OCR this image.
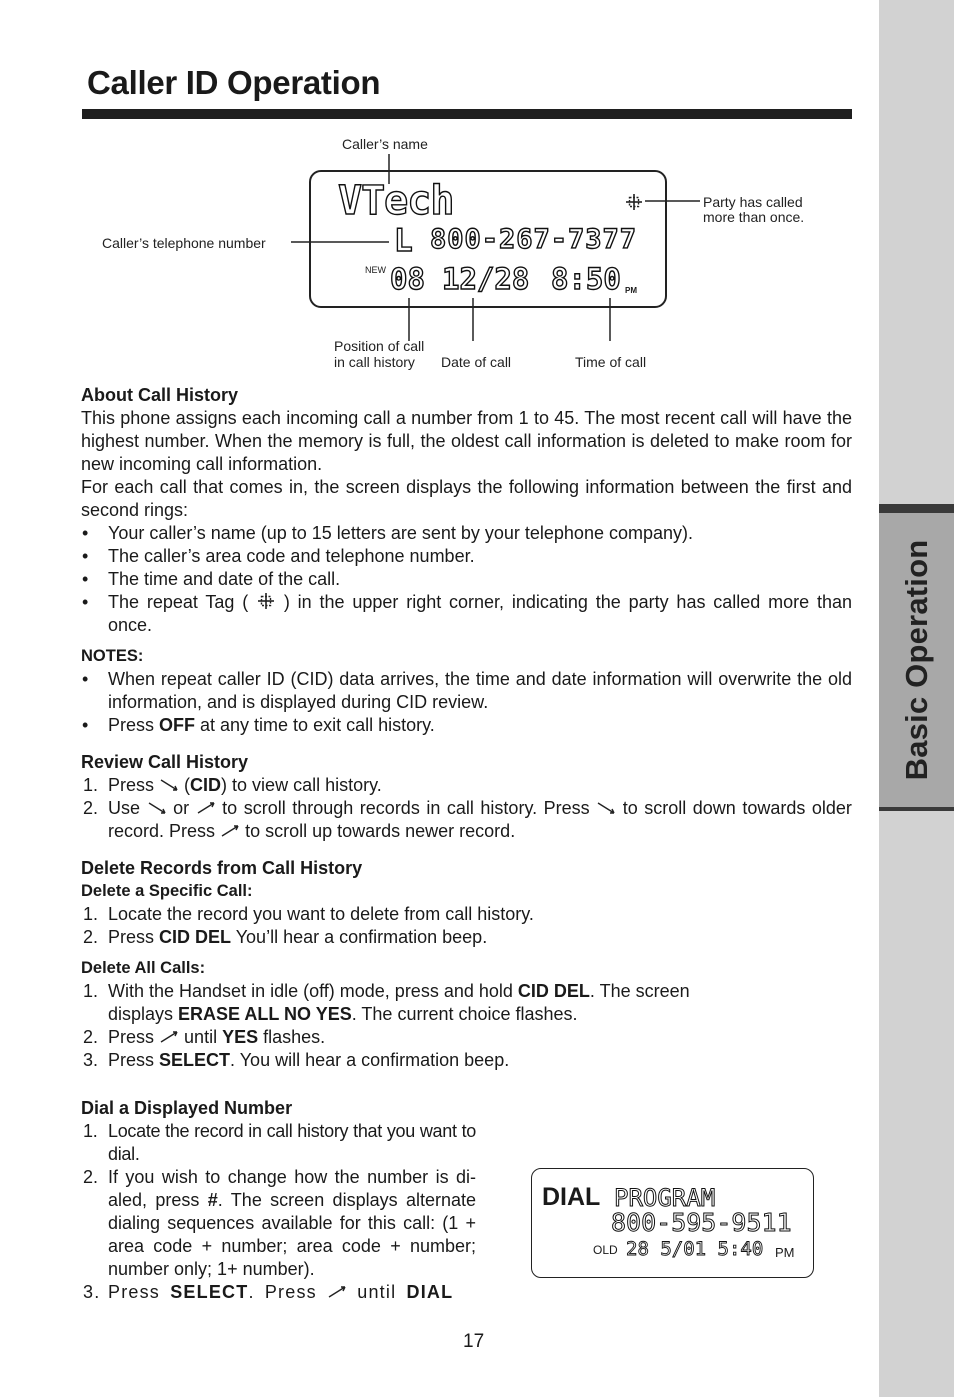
Basic Operation
Caller ID Operation
Caller’s name
Caller’s telephone number
Party has called
more than once.
Position of call
in call history Date of call	Time of call
VTech
L 800-267-7377
NEW 08 12/28 8:50 PM
About Call History

This phone assigns each incoming call a number from 1 to 45. The most recent call will have the highest number. When the memory is full, the oldest call information is deleted to make room for new incoming call information.

For each call that comes in, the screen displays the following information between the first and second rings:

• Your caller’s name (up to 15 letters are sent by your telephone company).
• The caller’s area code and telephone number.
• The time and date of the call.
• The repeat Tag ( ) in the upper right corner, indicating the party has called more than once.
NOTES:
• When repeat caller ID (CID) data arrives, the time and date information will overwrite the old information, and is displayed during CID review.
• Press OFF at any time to exit call history.
Review Call History
1. Press (CID) to view call history.
2. Use or to scroll through records in call history. Press to scroll down towards older record. Press to scroll up towards newer record.
Delete Records from Call History
Delete a Specific Call:
1. Locate the record you want to delete from call history.
2. Press CID DEL You’ll hear a confirmation beep.
Delete All Calls:
1. With the Handset in idle (off) mode, press and hold CID DEL. The screen displays ERASE ALL NO YES. The current choice flashes.
2. Press until YES flashes.
3. Press SELECT. You will hear a confirmation beep.
Dial a Displayed Number
1. Locate the record in call history that you want to dial.
2. If you wish to change how the number is di-aled, press #. The screen displays alternate dialing sequences available for this call: (1 + area code + number; area code + number; number only; 1+ number).
3. Press SELECT. Press until DIAL
DIAL PROGRAM
800-595-9511
OLD 28 5/01 5:40 PM
17
